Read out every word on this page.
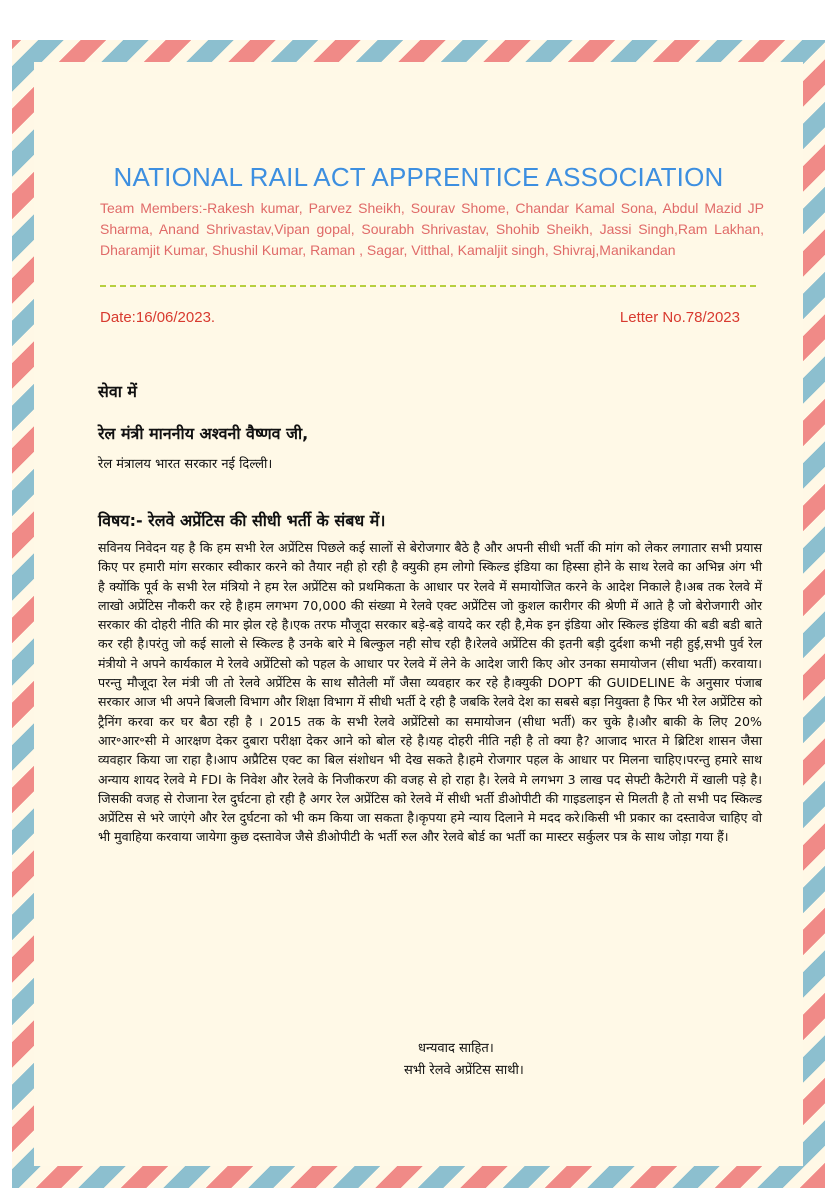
NATIONAL RAIL ACT APPRENTICE ASSOCIATION
Team Members:-Rakesh kumar, Parvez Sheikh, Sourav Shome, Chandar Kamal Sona, Abdul Mazid JP Sharma, Anand Shrivastav,Vipan gopal, Sourabh Shrivastav, Shohib Sheikh, Jassi Singh,Ram Lakhan, Dharamjit Kumar, Shushil Kumar, Raman , Sagar, Vitthal, Kamaljit singh, Shivraj,Manikandan
Date:16/06/2023.	Letter No.78/2023
सेवा में
रेल मंत्री माननीय अश्वनी वैष्णव जी,
रेल मंत्रालय भारत सरकार नई दिल्ली।
विषय:- रेलवे अप्रेंटिस की सीधी भर्ती के संबध में।
सविनय निवेदन यह है कि हम सभी रेल अप्रेंटिस पिछले कई सालों से बेरोजगार बैठे है और अपनी सीधी भर्ती की मांग को लेकर लगातार सभी प्रयास किए पर हमारी मांग सरकार स्वीकार करने को तैयार नही हो रही है क्युकी हम लोगो स्किल्ड इंडिया का हिस्सा होने के साथ रेलवे का अभिन्न अंग भी है क्योंकि पूर्व के सभी रेल मंत्रियो ने हम रेल अप्रेंटिस को प्रथमिकता के आधार पर रेलवे में समायोजित करने के आदेश निकाले है।अब तक रेलवे में लाखो अप्रेंटिस नौकरी कर रहे है।हम लगभग 70,000 की संख्या मे रेलवे एक्ट अप्रेंटिस जो कुशल कारीगर की श्रेणी में आते है जो बेरोजगारी ओर सरकार की दोहरी नीति की मार झेल रहे है।एक तरफ मौजूदा सरकार बड़े-बड़े वायदे कर रही है,मेक इन इंडिया ओर स्किल्ड इंडिया की बडी बडी बाते कर रही है।परंतु जो कई सालो से स्किल्ड है उनके बारे मे बिल्कुल नही सोच रही है।रेलवे अप्रेंटिस की इतनी बड़ी दुर्दशा कभी नही हुई,सभी पुर्व रेल मंत्रीयो ने अपने कार्यकाल मे रेलवे अप्रेंटिसो को पहल के आधार पर रेलवे में लेने के आदेश जारी किए ओर उनका समायोजन (सीधा भर्ती) करवाया।परन्तु मौजूदा रेल मंत्री जी तो रेलवे अप्रेंटिस के साथ सौतेली माँ जैसा व्यवहार कर रहे है।क्युकी DOPT की GUIDELINE के अनुसार पंजाब सरकार आज भी अपने बिजली विभाग और शिक्षा विभाग में सीधी भर्ती दे रही है जबकि रेलवे देश का सबसे बड़ा नियुक्ता है फिर भी रेल अप्रेंटिस को ट्रैनिंग करवा कर घर बैठा रही है । 2015 तक के सभी रेलवे अप्रेंटिसो का समायोजन (सीधा भर्ती) कर चुके है।और बाकी के लिए 20% आर॰आर॰सी मे आरक्षण देकर दुबारा परीक्षा देकर आने को बोल रहे है।यह दोहरी नीति नही है तो क्या है? आजाद भारत मे ब्रिटिश शासन जैसा व्यवहार किया जा राहा है।आप अप्रैटिस एक्ट का बिल संशोधन भी देख सकते है।हमे रोजगार पहल के आधार पर मिलना चाहिए।परन्तु हमारे साथ अन्याय शायद रेलवे मे FDI के निवेश और रेलवे के निजीकरण की वजह से हो राहा है। रेलवे मे लगभग 3 लाख पद सेफ्टी कैटेगरी में खाली पड़े है।जिसकी वजह से रोजाना रेल दुर्घटना हो रही है अगर रेल अप्रेंटिस को रेलवे में सीधी भर्ती डीओपीटी की गाइडलाइन से मिलती है तो सभी पद स्किल्ड अप्रेंटिस से भरे जाएंगे और रेल दुर्घटना को भी कम किया जा सकता है।कृपया हमे न्याय दिलाने मे मदद करे।किसी भी प्रकार का दस्तावेज चाहिए वो भी मुवाहिया करवाया जायेगा कुछ दस्तावेज जैसे डीओपीटी के भर्ती रुल और रेलवे बोर्ड का भर्ती का मास्टर सर्कुलर पत्र के साथ जोड़ा गया हैं।
धन्यवाद साहित।
सभी रेलवे अप्रेंटिस साथी।
